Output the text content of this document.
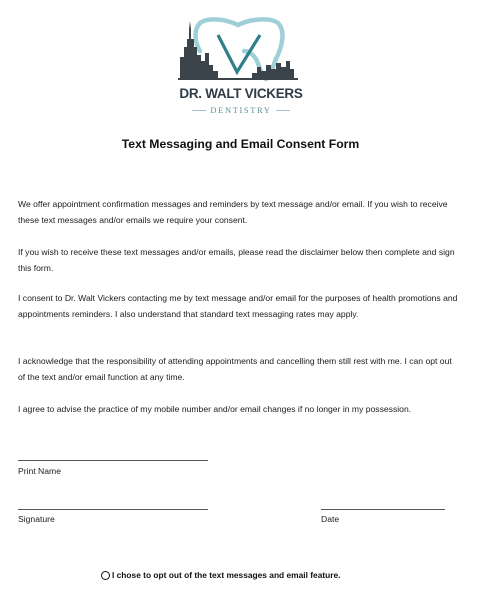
DR. WALT VICKERS
DENTISTRY
Text Messaging and Email Consent Form

We offer appointment confirmation messages and reminders by text message and/or email. If you wish to receive these text messages and/or emails we require your consent.

If you wish to receive these text messages and/or emails, please read the disclaimer below then complete and sign this form.

I consent to Dr. Walt Vickers contacting me by text message and/or email for the purposes of health promotions and appointments reminders. I also understand that standard text messaging rates may apply.

I acknowledge that the responsibility of attending appointments and cancelling them still rest with me. I can opt out of the text and/or email function at any time.

I agree to advise the practice of my mobile number and/or email changes if no longer in my possession.

Print Name
Signature	Date
I chose to opt out of the text messages and email feature.
